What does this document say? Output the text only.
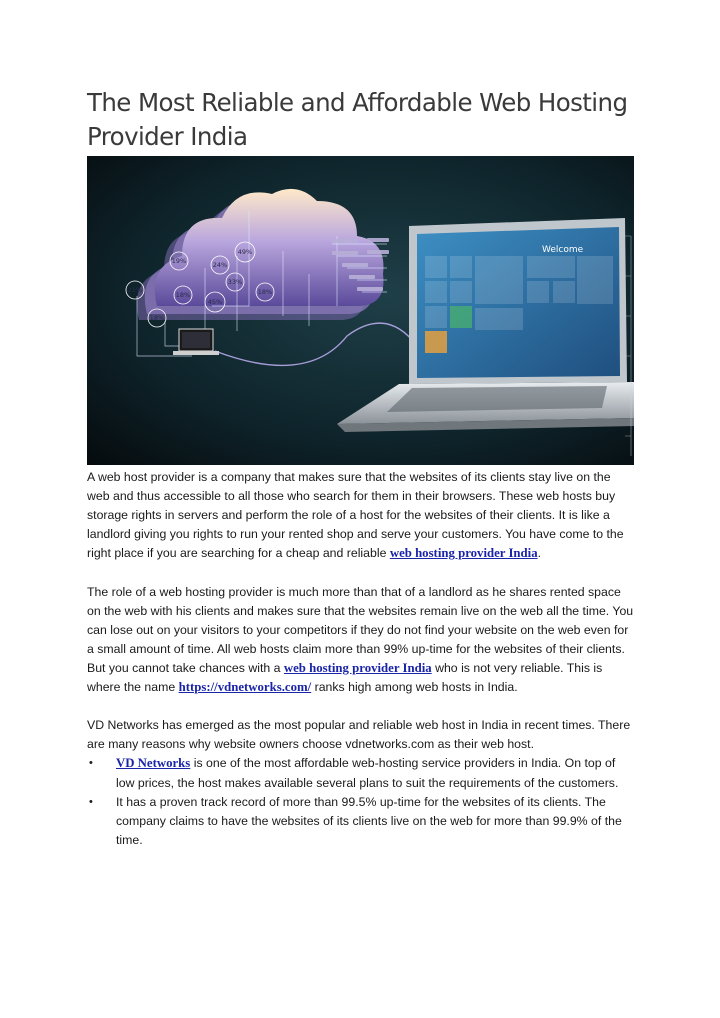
The Most Reliable and Affordable Web Hosting Provider India
49%
24%
33%
18%
21%
45%
19%
18%
18%
Welcome

A web host provider is a company that makes sure that the websites of its clients stay live on the web and thus accessible to all those who search for them in their browsers. These web hosts buy storage rights in servers and perform the role of a host for the websites of their clients. It is like a landlord giving you rights to run your rented shop and serve your customers. You have come to the right place if you are searching for a cheap and reliable web hosting provider India.

The role of a web hosting provider is much more than that of a landlord as he shares rented space on the web with his clients and makes sure that the websites remain live on the web all the time. You can lose out on your visitors to your competitors if they do not find your website on the web even for a small amount of time. All web hosts claim more than 99% up-time for the websites of their clients. But you cannot take chances with a web hosting provider India who is not very reliable. This is where the name https://vdnetworks.com/ ranks high among web hosts in India.

VD Networks has emerged as the most popular and reliable web host in India in recent times. There are many reasons why website owners choose vdnetworks.com as their web host.

• VD Networks is one of the most affordable web-hosting service providers in India. On top of low prices, the host makes available several plans to suit the requirements of the customers.
• It has a proven track record of more than 99.5% up-time for the websites of its clients. The company claims to have the websites of its clients live on the web for more than 99.9% of the time.
